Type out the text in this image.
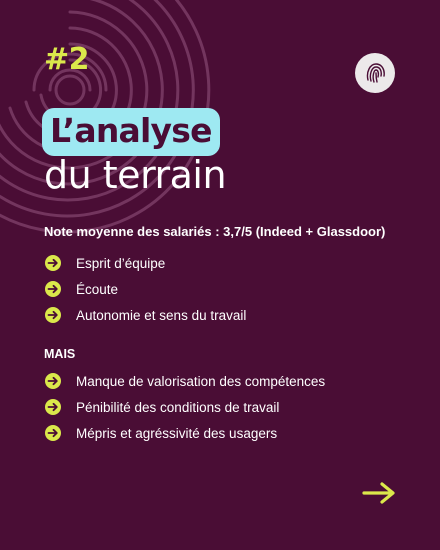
#2
L’analyse
du terrain
Note moyenne des salariés : 3,7/5 (Indeed + Glassdoor)
Esprit d’équipe
Écoute
Autonomie et sens du travail
MAIS
Manque de valorisation des compétences
Pénibilité des conditions de travail
Mépris et agréssivité des usagers
